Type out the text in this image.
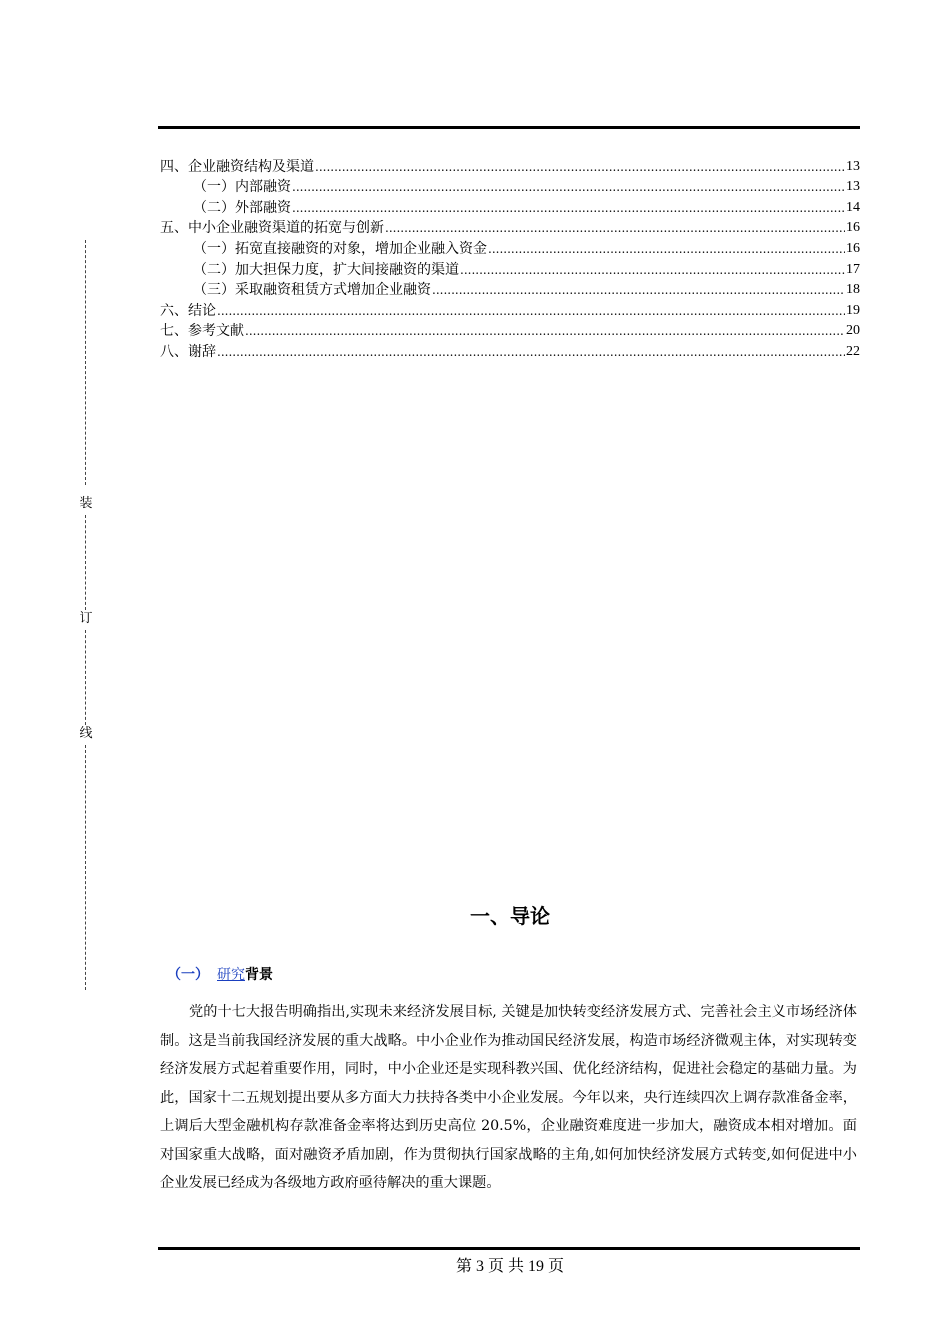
四、企业融资结构及渠道 .....	13
（一）内部融资 .....	13
（二）外部融资 .....	14
五、中小企业融资渠道的拓宽与创新 .....	16
（一）拓宽直接融资的对象，增加企业融入资金 .....	16
（二）加大担保力度，扩大间接融资的渠道 .....	17
（三）采取融资租赁方式增加企业融资 .....	18
六、结论 .....	19
七、参考文献 .....	20
八、谢辞 .....	22
装
订
线
一、导论
（一） 研究背景
党的十七大报告明确指出,实现未来经济发展目标, 关键是加快转变经济发展方式、完善社会主义市场经济体制。这是当前我国经济发展的重大战略。中小企业作为推动国民经济发展，构造市场经济微观主体，对实现转变经济发展方式起着重要作用，同时，中小企业还是实现科教兴国、优化经济结构，促进社会稳定的基础力量。为此，国家十二五规划提出要从多方面大力扶持各类中小企业发展。今年以来，央行连续四次上调存款准备金率，上调后大型金融机构存款准备金率将达到历史高位 20.5%，企业融资难度进一步加大，融资成本相对增加。面对国家重大战略，面对融资矛盾加剧，作为贯彻执行国家战略的主角,如何加快经济发展方式转变,如何促进中小企业发展已经成为各级地方政府亟待解决的重大课题。
第 3 页 共 19 页
